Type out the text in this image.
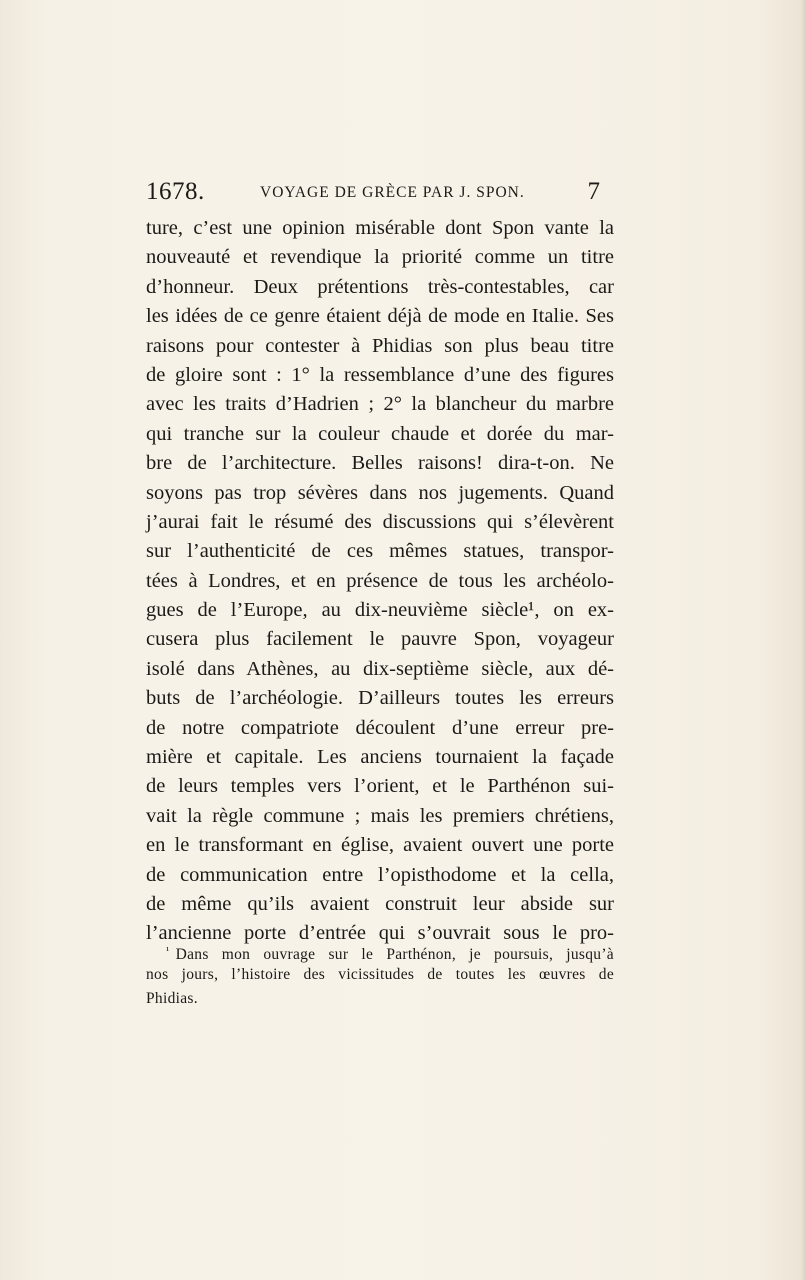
1678.	VOYAGE DE GRÈCE PAR J. SPON.	7
ture, c’est une opinion misérable dont Spon vante la
nouveauté et revendique la priorité comme un titre
d’honneur. Deux prétentions très-contestables, car
les idées de ce genre étaient déjà de mode en Italie. Ses
raisons pour contester à Phidias son plus beau titre
de gloire sont : 1° la ressemblance d’une des figures
avec les traits d’Hadrien ; 2° la blancheur du marbre
qui tranche sur la couleur chaude et dorée du mar-
bre de l’architecture. Belles raisons! dira-t-on. Ne
soyons pas trop sévères dans nos jugements. Quand
j’aurai fait le résumé des discussions qui s’élevèrent
sur l’authenticité de ces mêmes statues, transpor-
tées à Londres, et en présence de tous les archéolo-
gues de l’Europe, au dix-neuvième siècle¹, on ex-
cusera plus facilement le pauvre Spon, voyageur
isolé dans Athènes, au dix-septième siècle, aux dé-
buts de l’archéologie. D’ailleurs toutes les erreurs
de notre compatriote découlent d’une erreur pre-
mière et capitale. Les anciens tournaient la façade
de leurs temples vers l’orient, et le Parthénon sui-
vait la règle commune ; mais les premiers chrétiens,
en le transformant en église, avaient ouvert une porte
de communication entre l’opisthodome et la cella,
de même qu’ils avaient construit leur abside sur
l’ancienne porte d’entrée qui s’ouvrait sous le pro-
$^{^1}$ Dans mon ouvrage sur le Parthénon, je poursuis, jusqu’à
nos jours, l’histoire des vicissitudes de toutes les œuvres de
Phidias.
